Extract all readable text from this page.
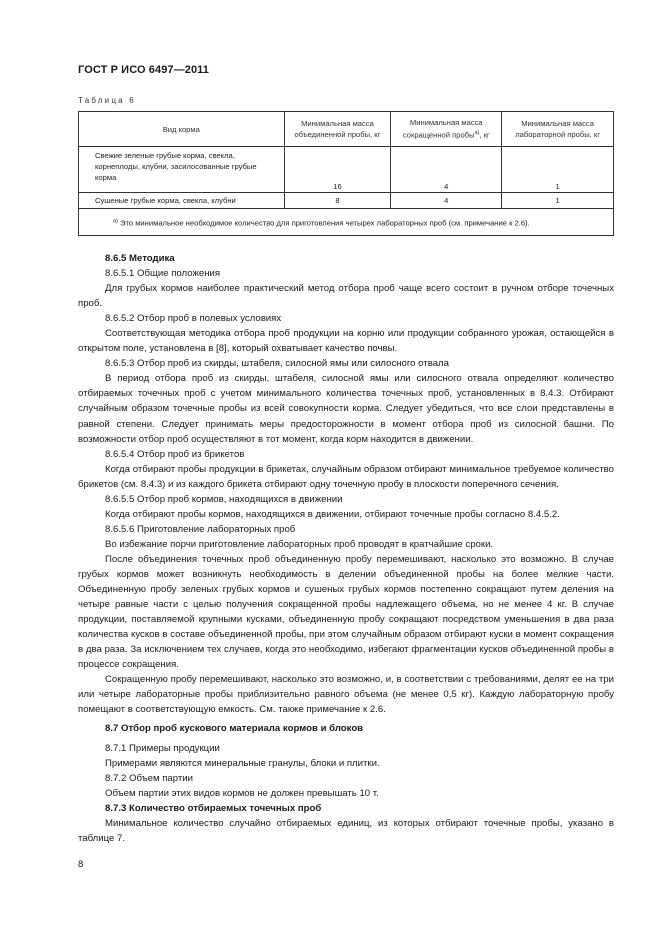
ГОСТ Р ИСО 6497—2011
Таблица 6
Вид корма	Минимальная масса объединенной пробы, кг	Минимальная масса сокращенной пробы$^{а)}$, кг	Минимальная масса лабораторной пробы, кг
Свежие зеленые грубые корма, свекла, корнеплоды, клубни, засилосованные грубые корма	16	4	1
Сушеные грубые корма, свекла, клубни	8	4	1
$^{а)}$ Это минимальное необходимое количество для приготовления четырех лабораторных проб (см. примечание к 2.6).			

8.6.5 Методика

8.6.5.1 Общие положения

Для грубых кормов наиболее практический метод отбора проб чаще всего состоит в ручном отборе точечных проб.

8.6.5.2 Отбор проб в полевых условиях

Соответствующая методика отбора проб продукции на корню или продукции собранного урожая, остающейся в открытом поле, установлена в [8], который охватывает качество почвы.

8.6.5.3 Отбор проб из скирды, штабеля, силосной ямы или силосного отвала

В период отбора проб из скирды, штабеля, силосной ямы или силосного отвала определяют количество отбираемых точечных проб с учетом минимального количества точечных проб, установленных в 8.4.3. Отбирают случайным образом точечные пробы из всей совокупности корма. Следует убедиться, что все слои представлены в равной степени. Следует принимать меры предосторожности в момент отбора проб из силосной башни. По возможности отбор проб осуществляют в тот момент, когда корм находится в движении.

8.6.5.4 Отбор проб из брикетов

Когда отбирают пробы продукции в брикетах, случайным образом отбирают минимальное требуемое количество брикетов (см. 8.4.3) и из каждого брикета отбирают одну точечную пробу в плоскости поперечного сечения.

8.6.5.5 Отбор проб кормов, находящихся в движении

Когда отбирают пробы кормов, находящихся в движении, отбирают точечные пробы согласно 8.4.5.2.

8.6.5.6 Приготовление лабораторных проб

Во избежание порчи приготовление лабораторных проб проводят в кратчайшие сроки.

После объединения точечных проб объединенную пробу перемешивают, насколько это возможно. В случае грубых кормов может возникнуть необходимость в делении объединенной пробы на более мелкие части. Объединенную пробу зеленых грубых кормов и сушеных грубых кормов постепенно сокращают путем деления на четыре равные части с целью получения сокращенной пробы надлежащего объема, но не менее 4 кг. В случае продукции, поставляемой крупными кусками, объединенную пробу сокращают посредством уменьшения в два раза количества кусков в составе объединенной пробы, при этом случайным образом отбирают куски в момент сокращения в два раза. За исключением тех случаев, когда это необходимо, избегают фрагментации кусков объединенной пробы в процессе сокращения.

Сокращенную пробу перемешивают, насколько это возможно, и, в соответствии с требованиями, делят ее на три или четыре лабораторные пробы приблизительно равного объема (не менее 0,5 кг). Каждую лабораторную пробу помещают в соответствующую емкость. См. также примечание к 2.6.

8.7 Отбор проб кускового материала кормов и блоков

8.7.1 Примеры продукции

Примерами являются минеральные гранулы, блоки и плитки.

8.7.2 Объем партии

Объем партии этих видов кормов не должен превышать 10 т.

8.7.3 Количество отбираемых точечных проб

Минимальное количество случайно отбираемых единиц, из которых отбирают точечные пробы, указано в таблице 7.

8
